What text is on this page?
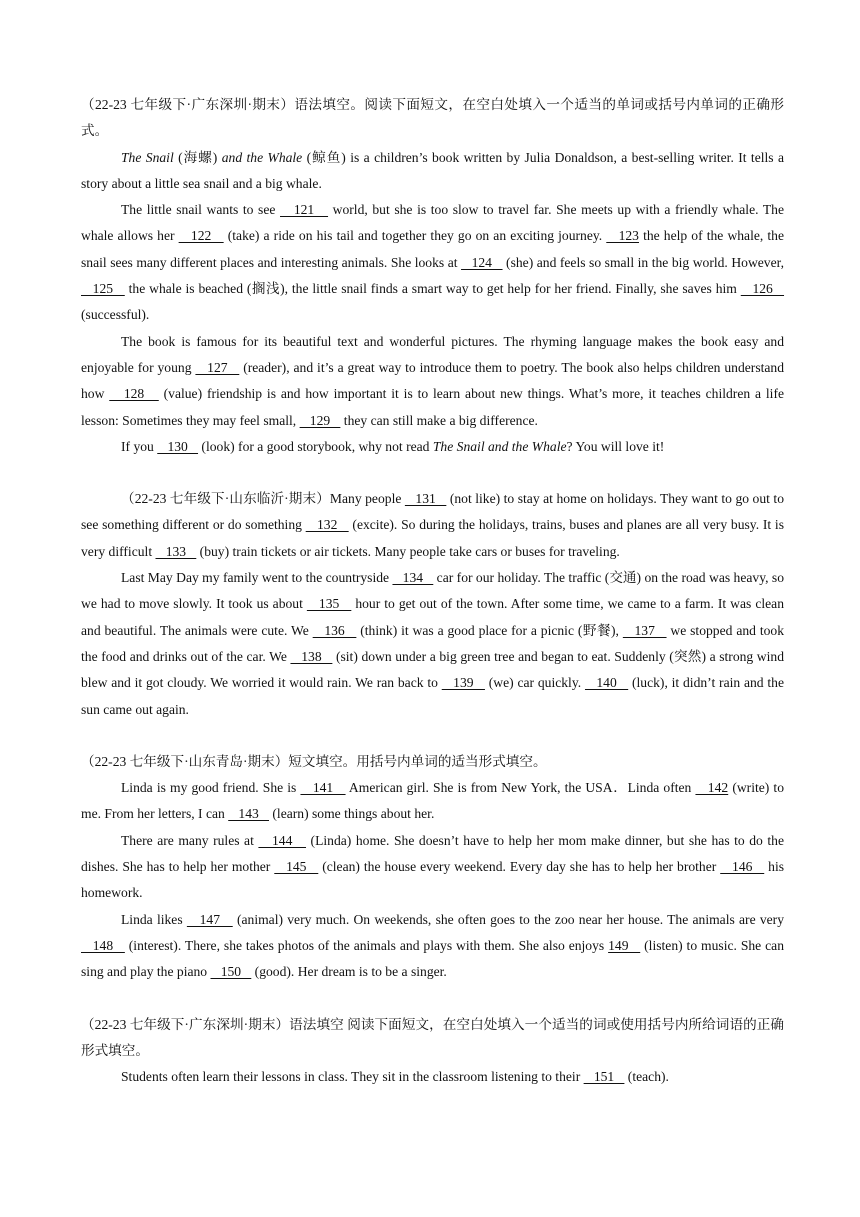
（22-23 七年级下·广东深圳·期末）语法填空。阅读下面短文，在空白处填入一个适当的单词或括号内单词的正确形式。

The Snail (海螺) and the Whale (鲸鱼) is a children’s book written by Julia Donaldson, a best-selling writer. It tells a story about a little sea snail and a big whale.

The little snail wants to see    121    world, but she is too slow to travel far. She meets up with a friendly whale. The whale allows her    122    (take) a ride on his tail and together they go on an exciting journey.    123 the help of the whale, the snail sees many different places and interesting animals. She looks at    124    (she) and feels so small in the big world. However,    125    the whale is beached (搁浅), the little snail finds a smart way to get help for her friend. Finally, she saves him    126    (successful).

The book is famous for its beautiful text and wonderful pictures. The rhyming language makes the book easy and enjoyable for young    127    (reader), and it’s a great way to introduce them to poetry. The book also helps children understand how    128    (value) friendship is and how important it is to learn about new things. What’s more, it teaches children a life lesson: Sometimes they may feel small,    129    they can still make a big difference.

If you    130    (look) for a good storybook, why not read The Snail and the Whale? You will love it!

（22-23 七年级下·山东临沂·期末）Many people    131    (not like) to stay at home on holidays. They want to go out to see something different or do something    132    (excite). So during the holidays, trains, buses and planes are all very busy. It is very difficult    133    (buy) train tickets or air tickets. Many people take cars or buses for traveling.

Last May Day my family went to the countryside    134    car for our holiday. The traffic (交通) on the road was heavy, so we had to move slowly. It took us about    135    hour to get out of the town. After some time, we came to a farm. It was clean and beautiful. The animals were cute. We    136    (think) it was a good place for a picnic (野餐),    137    we stopped and took the food and drinks out of the car. We    138    (sit) down under a big green tree and began to eat. Suddenly (突然) a strong wind blew and it got cloudy. We worried it would rain. We ran back to    139    (we) car quickly.    140    (luck), it didn’t rain and the sun came out again.

（22-23 七年级下·山东青岛·期末）短文填空。用括号内单词的适当形式填空。

Linda is my good friend. She is    141    American girl. She is from New York, the USA．Linda often    142 (write) to me. From her letters, I can    143    (learn) some things about her.

There are many rules at    144    (Linda) home. She doesn’t have to help her mom make dinner, but she has to do the dishes. She has to help her mother    145    (clean) the house every weekend. Every day she has to help her brother    146    his homework.

Linda likes    147    (animal) very much. On weekends, she often goes to the zoo near her house. The animals are very    148    (interest). There, she takes photos of the animals and plays with them. She also enjoys 149    (listen) to music. She can sing and play the piano    150    (good). Her dream is to be a singer.

（22-23 七年级下·广东深圳·期末）语法填空 阅读下面短文，在空白处填入一个适当的词或使用括号内所给词语的正确形式填空。

Students often learn their lessons in class. They sit in the classroom listening to their    151    (teach).
